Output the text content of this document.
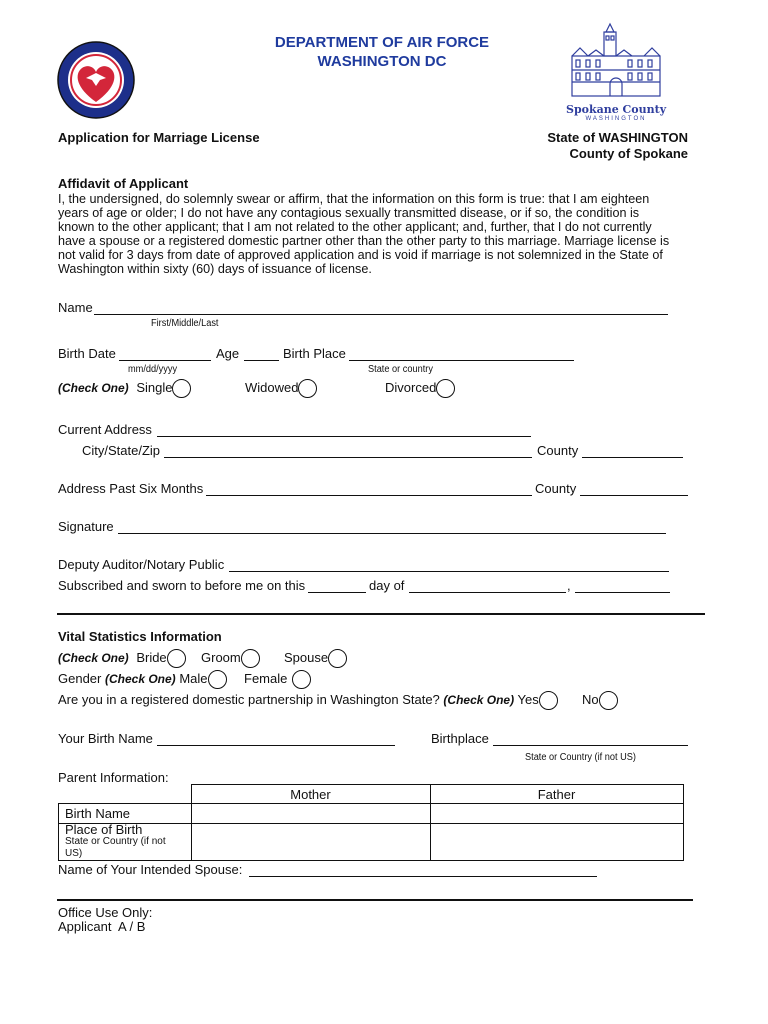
DEPARTMENT OF AIR FORCE
WASHINGTON DC
Spokane County
WASHINGTON
Application for Marriage License	State of WASHINGTON
County of Spokane
Affidavit of Applicant
I, the undersigned, do solemnly swear or affirm, that the information on this form is true: that I am eighteen
years of age or older; I do not have any contagious sexually transmitted disease, or if so, the condition is
known to the other applicant; that I am not related to the other applicant; and, further, that I do not currently
have a spouse or a registered domestic partner other than the other party to this marriage. Marriage license is
not valid for 3 days from date of approved application and is void if marriage is not solemnized in the State of
Washington within sixty (60) days of issuance of license.
Name
First/Middle/Last
Birth Date
mm/dd/yyyy
Age	Birth Place
State or country
(Check One) Single	Widowed	Divorced
Current Address
City/State/Zip	County
Address Past Six Months	County
Signature
Deputy Auditor/Notary Public
Subscribed and sworn to before me on this	day of	,
Vital Statistics Information
(Check One) Bride	Groom	Spouse
Gender (Check One) Male	Female
Are you in a registered domestic partnership in Washington State? (Check One) Yes	No
Your Birth Name	Birthplace
State or Country (if not US)
Parent Information:
	Mother	Father
Birth Name		

Place of Birth
State or Country (if not US)		

Name of Your Intended Spouse:
Office Use Only:
Applicant  A / B
